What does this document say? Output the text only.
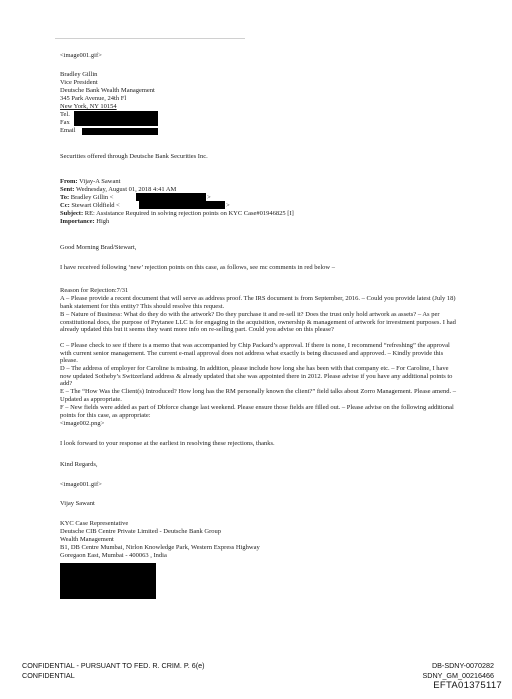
<image001.gif>
Bradley Gillin
Vice President
Deutsche Bank Wealth Management
345 Park Avenue, 24th Fl
New York, NY 10154
Tel.
Fax
Email
Securities offered through Deutsche Bank Securities Inc.
From: Vijay-A Sawant
Sent: Wednesday, August 01, 2018 4:41 AM
To: Bradley Gillin <	>
Cc: Stewart Oldfield <	>
Subject: RE: Assistance Required in solving rejection points on KYC Case#01946825 [I]
Importance: High
Good Morning Brad/Stewart,
I have received following ‘new’ rejection points on this case, as follows, see mc comments in red below –
Reason for Rejection:7/31
A – Please provide a recent document that will serve as address proof. The IRS document is from September, 2016. – Could you provide latest (July 18) bank statement for this entity? This should resolve this request.
B – Nature of Business: What do they do with the artwork? Do they purchase it and re-sell it? Does the trust only hold artwork as assets? – As per constitutional docs, the purpose of Prytanee LLC is for engaging in the acquisition, ownership & management of artwork for investment purposes. I had already updated this but it seems they want more info on re-selling part. Could you advise on this please?
C – Please check to see if there is a memo that was accompanied by Chip Packard’s approval. If there is none, I recommend “refreshing” the approval with current senior management. The current e-mail approval does not address what exactly is being discussed and approved. – Kindly provide this please.
D – The address of employer for Caroline is missing. In addition, please include how long she has been with that company etc. – For Caroline, I have now updated Sotheby’s Switzerland address & already updated that she was appointed there in 2012. Please advise if you have any additional points to add?
E – The “How Was the Client(s) Introduced? How long has the RM personally known the client?” field talks about Zorro Management. Please amend. – Updated as appropriate.
F – New fields were added as part of Dbforce change last weekend. Please ensure those fields are filled out. – Please advise on the following additional points for this case, as appropriate:
<image002.png>
I look forward to your response at the earliest in resolving these rejections, thanks.
Kind Regards,
<image001.gif>
Vijay Sawant
KYC Case Representative
Deutsche CIB Centre Private Limited - Deutsche Bank Group
Wealth Management
B1, DB Centre Mumbai, Nirlon Knowledge Park, Western Express Highway
Goregaon East, Mumbai - 400063 , India
CONFIDENTIAL - PURSUANT TO FED. R. CRIM. P. 6(e)
CONFIDENTIAL
DB-SDNY-0070282
SDNY_GM_00216466
EFTA01375117
